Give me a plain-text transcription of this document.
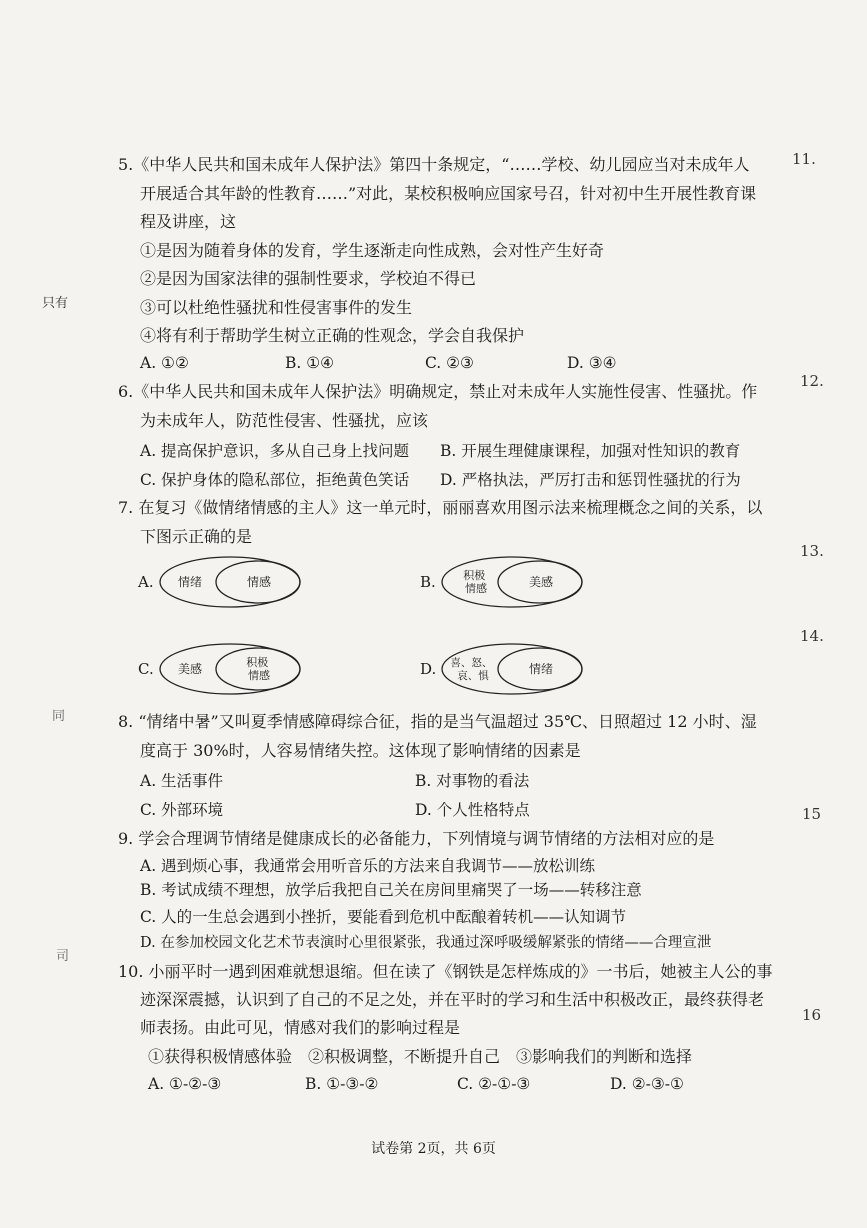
5.《中华人民共和国未成年人保护法》第四十条规定，“……学校、幼儿园应当对未成年人
开展适合其年龄的性教育……”对此，某校积极响应国家号召，针对初中生开展性教育课
程及讲座，这
①是因为随着身体的发育，学生逐渐走向性成熟，会对性产生好奇
②是因为国家法律的强制性要求，学校迫不得已
③可以杜绝性骚扰和性侵害事件的发生
④将有利于帮助学生树立正确的性观念，学会自我保护
A. ①②	B. ①④	C. ②③	D. ③④
6.《中华人民共和国未成年人保护法》明确规定，禁止对未成年人实施性侵害、性骚扰。作
为未成年人，防范性侵害、性骚扰，应该
A. 提高保护意识，多从自己身上找问题 B. 开展生理健康课程，加强对性知识的教育
C. 保护身体的隐私部位，拒绝黄色笑话 D. 严格执法，严厉打击和惩罚性骚扰的行为
7. 在复习《做情绪情感的主人》这一单元时，丽丽喜欢用图示法来梳理概念之间的关系，以
下图示正确的是
A. 情绪	情感	B. 积极 情感	美感
C. 美感	积极 情感	D. 喜、怒、 哀、惧	情绪
8. “情绪中暑”又叫夏季情感障碍综合征，指的是当气温超过 35℃、日照超过 12 小时、湿
度高于 30%时，人容易情绪失控。这体现了影响情绪的因素是
A. 生活事件	B. 对事物的看法
C. 外部环境	D. 个人性格特点
9. 学会合理调节情绪是健康成长的必备能力，下列情境与调节情绪的方法相对应的是
A. 遇到烦心事，我通常会用听音乐的方法来自我调节——放松训练
B. 考试成绩不理想，放学后我把自己关在房间里痛哭了一场——转移注意
C. 人的一生总会遇到小挫折，要能看到危机中酝酿着转机——认知调节
D. 在参加校园文化艺术节表演时心里很紧张，我通过深呼吸缓解紧张的情绪——合理宣泄
10. 小丽平时一遇到困难就想退缩。但在读了《钢铁是怎样炼成的》一书后，她被主人公的事
迹深深震撼，认识到了自己的不足之处，并在平时的学习和生活中积极改正，最终获得老
师表扬。由此可见，情感对我们的影响过程是
①获得积极情感体验　②积极调整，不断提升自己　③影响我们的判断和选择
A. ①-②-③	B. ①-③-②	C. ②-①-③	D. ②-③-①
只有
同
司
11.
12.
13.
14.
15
16
试卷第 2页，共 6页
